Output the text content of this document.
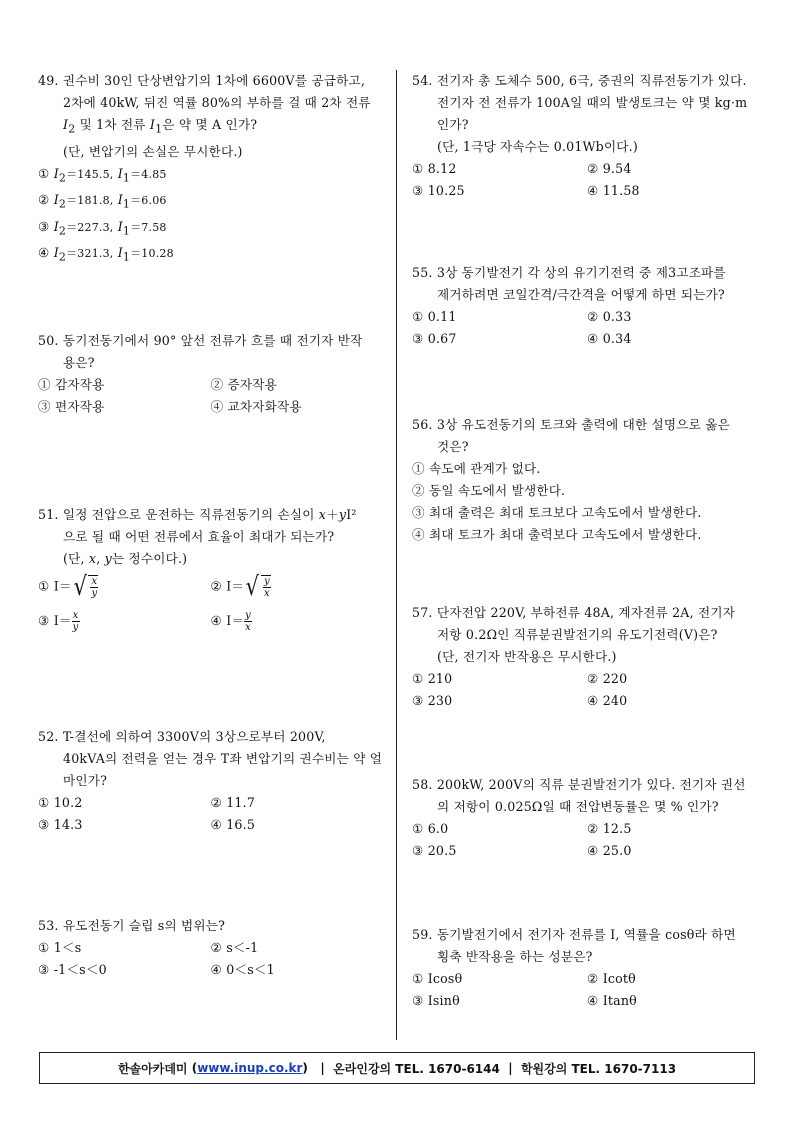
49. 권수비 30인 단상변압기의 1차에 6600V를 공급하고,
2차에 40kW, 뒤진 역률 80%의 부하를 걸 때 2차 전류 $I_2$ 및 1차 전류 $I_1$은 약 몇 A 인가?
(단, 변압기의 손실은 무시한다.)
① $I_2=145.5$, $I_1=4.85$
② $I_2=181.8$, $I_1=6.06$
③ $I_2=227.3$, $I_1=7.58$
④ $I_2=321.3$, $I_1=10.28$
50. 동기전동기에서 90° 앞선 전류가 흐를 때 전기자 반작
용은?
① 감자작용	② 증자작용
③ 편자작용	④ 교차자화작용
51. 일정 전압으로 운전하는 직류전동기의 손실이 x＋yI²
으로 될 때 어떤 전류에서 효율이 최대가 되는가?
(단, x, y는 정수이다.)
① I＝ √ $\frac{x}{y}$	② I＝ √ $\frac{y}{x}$
③ $I= \frac{x}{y}$	④ $I= \frac{y}{x}$
52. T-결선에 의하여 3300V의 3상으로부터 200V,
40kVA의 전력을 얻는 경우 T좌 변압기의 권수비는 약 얼마인가?
① 10.2	② 11.7
③ 14.3	④ 16.5
53. 유도전동기 슬립 s의 범위는?
① 1＜s	② s＜-1
③ -1＜s＜0	④ 0＜s＜1
54. 전기자 총 도체수 500, 6극, 중권의 직류전동기가 있다.
전기자 전 전류가 100A일 때의 발생토크는 약 몇 kg·m 인가?
(단, 1극당 자속수는 0.01Wb이다.)
① 8.12	② 9.54
③ 10.25	④ 11.58
55. 3상 동기발전기 각 상의 유기기전력 중 제3고조파를
제거하려면 코일간격/극간격을 어떻게 하면 되는가?
① 0.11	② 0.33
③ 0.67	④ 0.34
56. 3상 유도전동기의 토크와 출력에 대한 설명으로 옳은
것은?
① 속도에 관계가 없다.
② 동일 속도에서 발생한다.
③ 최대 출력은 최대 토크보다 고속도에서 발생한다.
④ 최대 토크가 최대 출력보다 고속도에서 발생한다.
57. 단자전압 220V, 부하전류 48A, 계자전류 2A, 전기자
저항 0.2Ω인 직류분권발전기의 유도기전력(V)은?
(단, 전기자 반작용은 무시한다.)
① 210	② 220
③ 230	④ 240
58. 200kW, 200V의 직류 분권발전기가 있다. 전기자 권선
의 저항이 0.025Ω일 때 전압변동률은 몇 % 인가?
① 6.0	② 12.5
③ 20.5	④ 25.0
59. 동기발전기에서 전기자 전류를 I, 역률을 cosθ라 하면
횡축 반작용을 하는 성분은?
① Icosθ	② Icotθ
③ Isinθ	④ Itanθ
한솔아카데미 ( www.inup.co.kr )   | 온라인강의 TEL. 1670-6144 | 학원강의 TEL. 1670-7113
